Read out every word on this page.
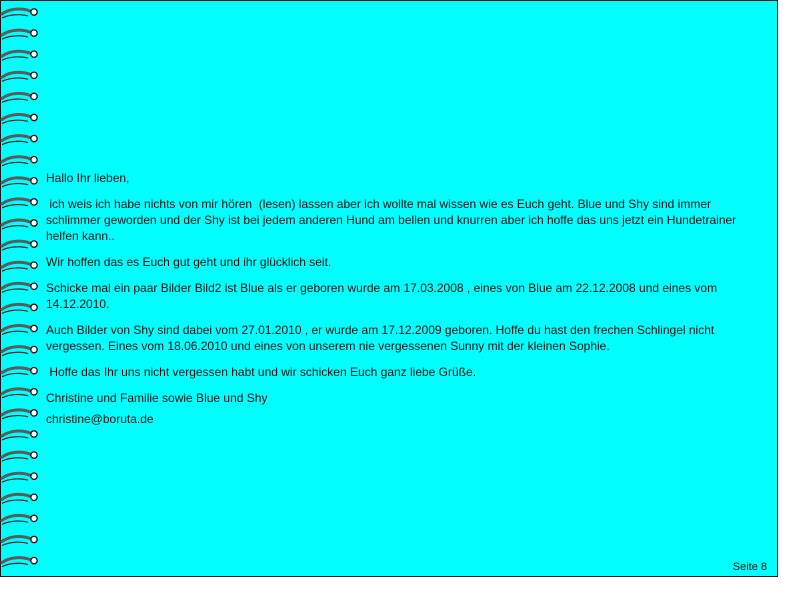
Hallo Ihr lieben,

ich weis ich habe nichts von mir hören  (lesen) lassen aber ich wollte mal wissen wie es Euch geht. Blue und Shy sind immer schlimmer geworden und der Shy ist bei jedem anderen Hund am bellen und knurren aber ich hoffe das uns jetzt ein Hundetrainer helfen kann..

Wir hoffen das es Euch gut geht und ihr glücklich seit.

Schicke mal ein paar Bilder Bild2 ist Blue als er geboren wurde am 17.03.2008 , eines von Blue am 22.12.2008 und eines vom 14.12.2010.

Auch Bilder von Shy sind dabei vom 27.01.2010 , er wurde am 17.12.2009 geboren. Hoffe du hast den frechen Schlingel nicht vergessen. Eines vom 18.06.2010 und eines von unserem nie vergessenen Sunny mit der kleinen Sophie.

Hoffe das Ihr uns nicht vergessen habt und wir schicken Euch ganz liebe Grüße.

Christine und Familie sowie Blue und Shy

christine@boruta.de

Seite 8
